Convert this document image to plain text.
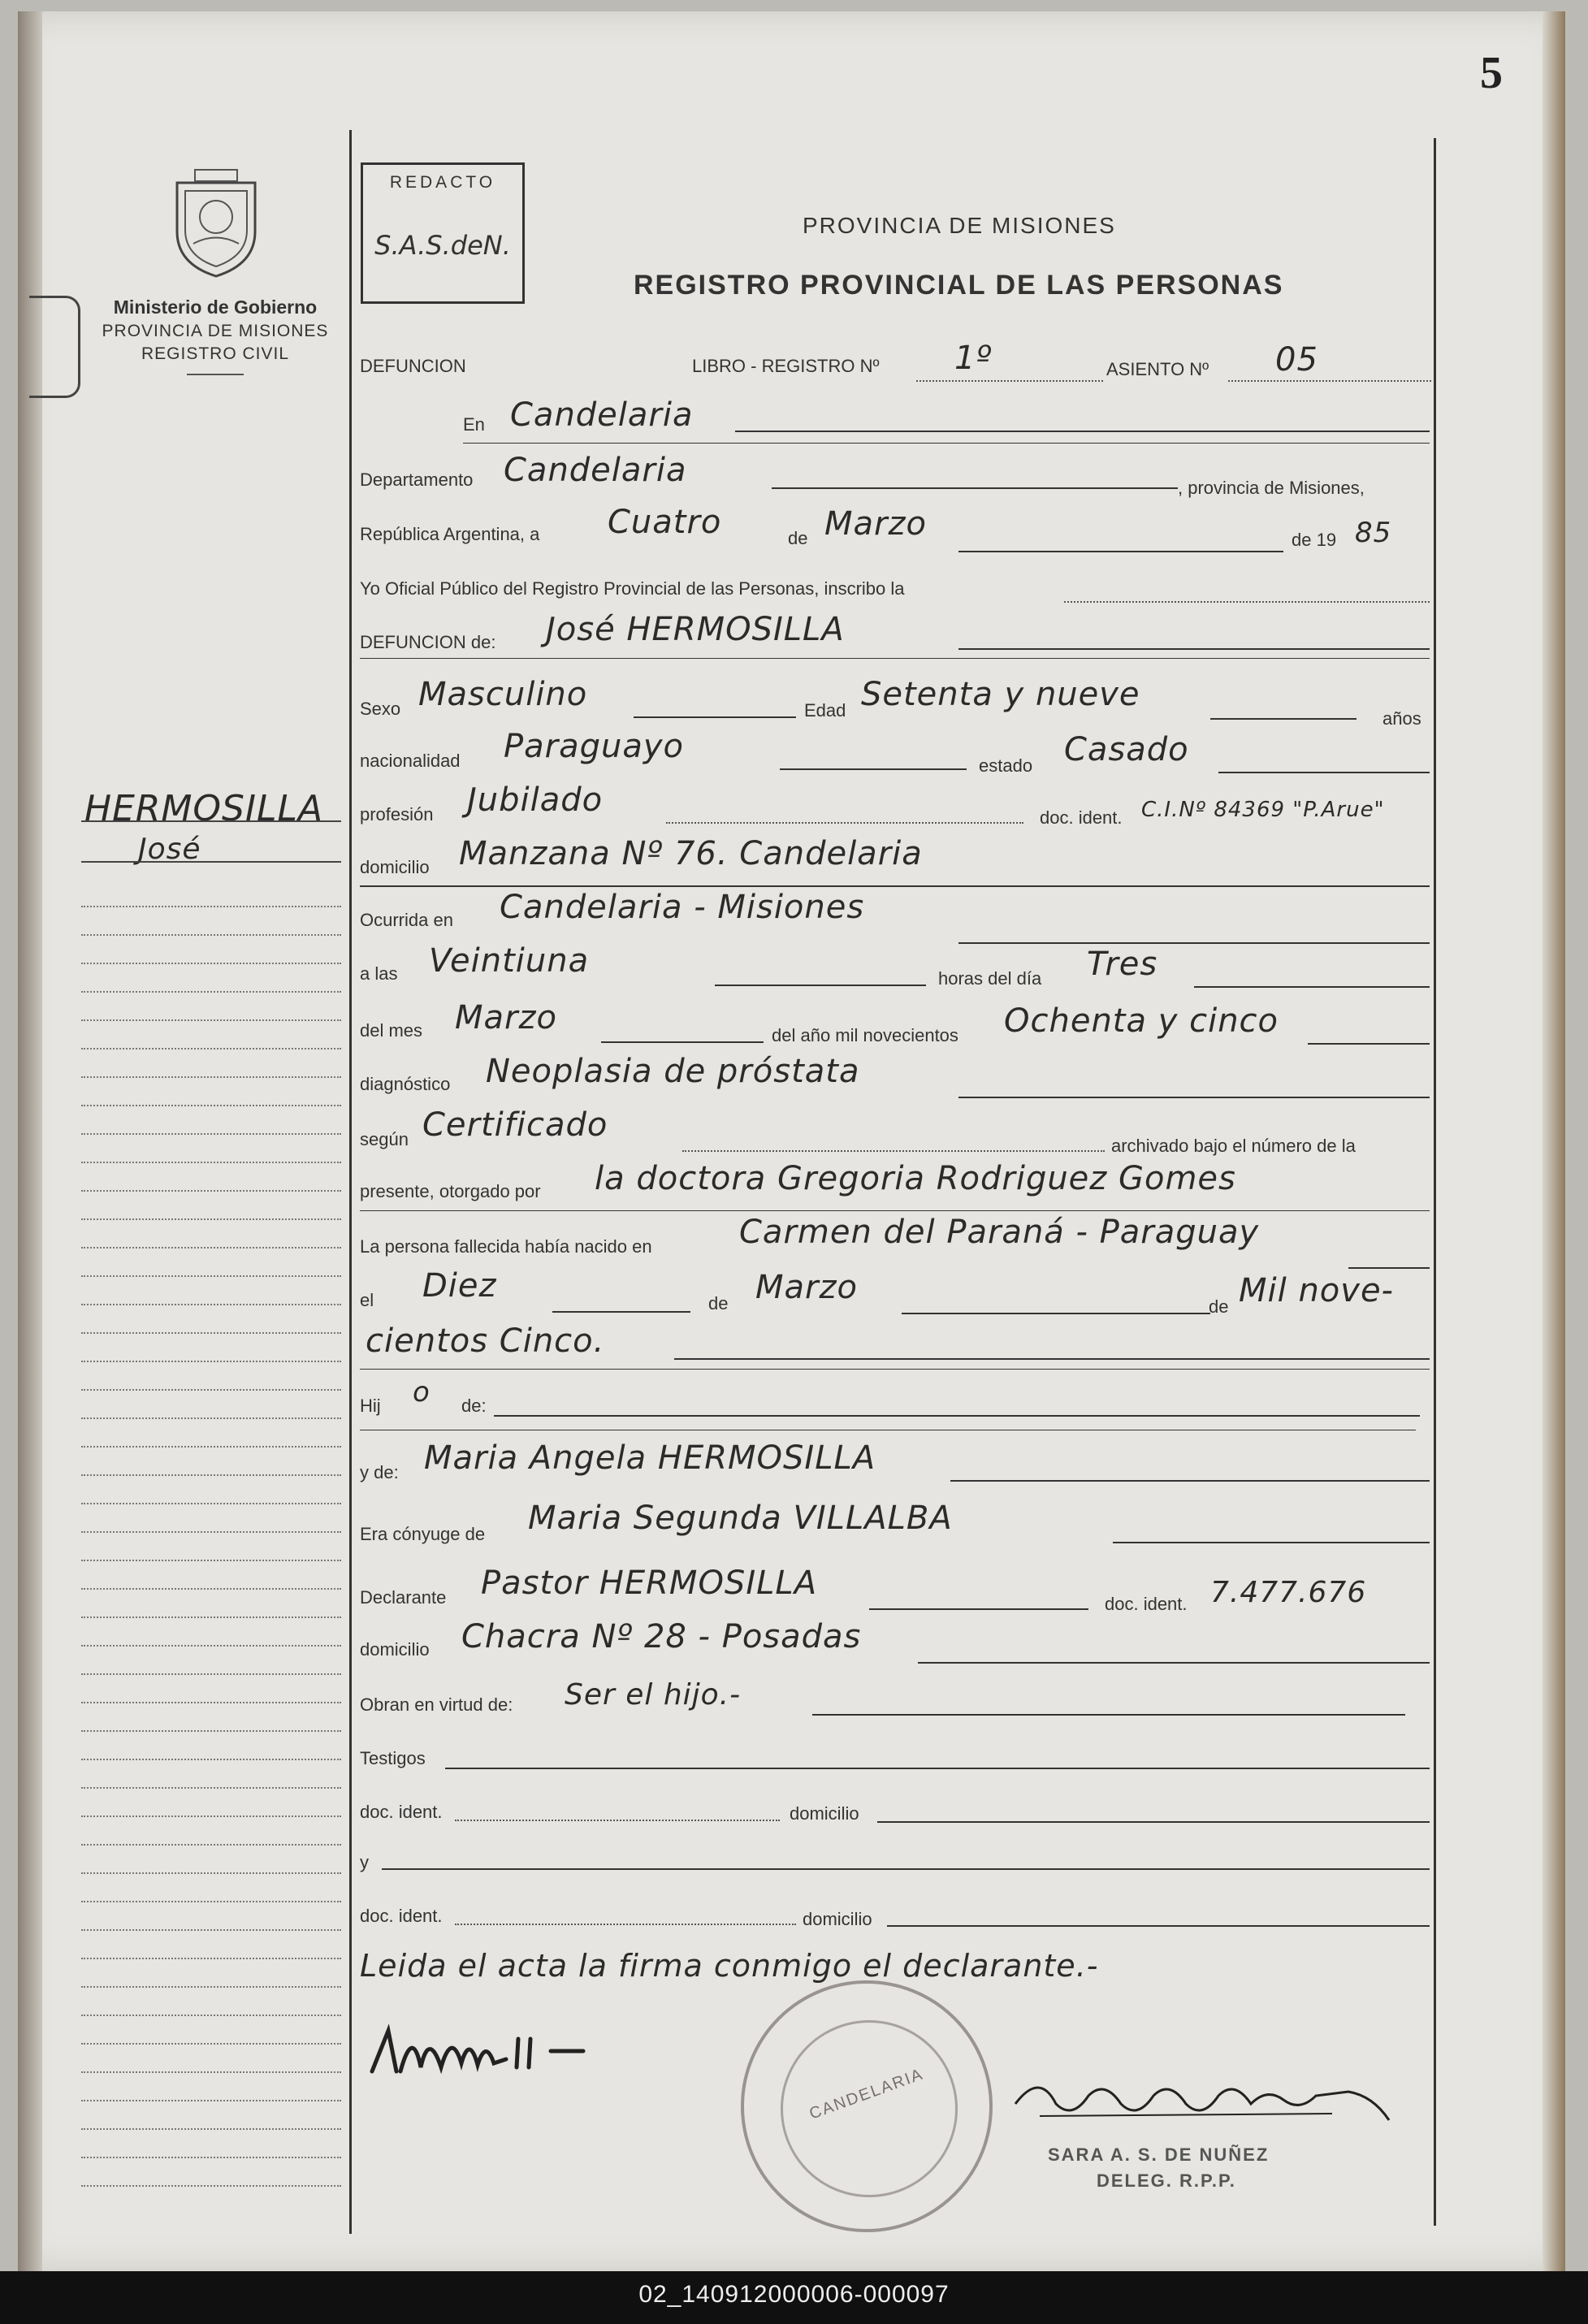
5
Ministerio de Gobierno
PROVINCIA DE MISIONES
REGISTRO CIVIL
REDACTO
S.A.S.deN.
PROVINCIA DE MISIONES
REGISTRO PROVINCIAL DE LAS PERSONAS
HERMOSILLA
José
DEFUNCION	LIBRO - REGISTRO Nº 1º	ASIENTO Nº 05
En Candelaria
Departamento Candelaria	, provincia de Misiones,
República Argentina, a Cuatro	de Marzo	de 19 85
Yo Oficial Público del Registro Provincial de las Personas, inscribo la
DEFUNCION de: José HERMOSILLA
Sexo Masculino	Edad Setenta y nueve
años
nacionalidad Paraguayo
estado Casado
profesión Jubilado	doc. ident. C.I.Nº 84369 "P.Arue"
domicilio Manzana Nº 76. Candelaria
Ocurrida en Candelaria - Misiones
a las Veintiuna	horas del día Tres
del mes Marzo	del año mil novecientos Ochenta y cinco
diagnóstico Neoplasia de próstata
según Certificado
archivado bajo el número de la
presente, otorgado por la doctora Gregoria Rodriguez Gomes
La persona fallecida había nacido en	Carmen del Paraná - Paraguay
el Diez	de Marzo
de Mil nove-
cientos Cinco.
Hij o de:
y de: Maria Angela HERMOSILLA
Era cónyuge de Maria Segunda VILLALBA
Declarante Pastor HERMOSILLA
doc. ident. 7.477.676
domicilio Chacra Nº 28 - Posadas
Obran en virtud de: Ser el hijo.-
Testigos
doc. ident.	domicilio
y
doc. ident.	domicilio
Leida el acta la firma conmigo el declarante.-
CANDELARIA
SARA A. S. DE NUÑEZ
DELEG. R.P.P.
02_140912000006-000097
